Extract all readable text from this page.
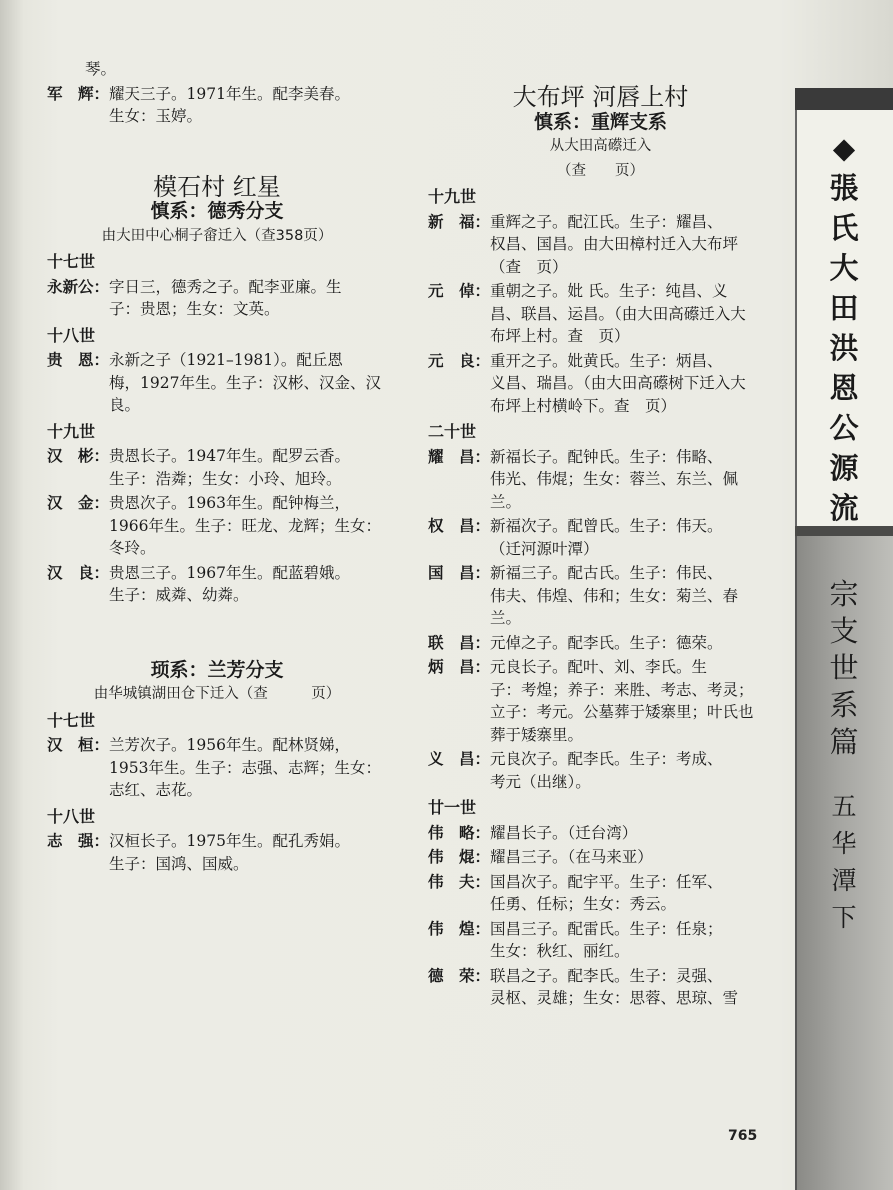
琴。
军　辉： 耀天三子。1971年生。配李美春。
生女：玉婷。
模石村 红星
慎系：德秀分支
由大田中心桐子畲迁入（查358页）
十七世
永新公： 字日三，德秀之子。配李亚廉。生
子：贵恩；生女：文英。
十八世
贵　恩： 永新之子（1921–1981）。配丘恩
梅，1927年生。生子：汉彬、汉金、汉
良。
十九世
汉　彬： 贵恩长子。1947年生。配罗云香。
生子：浩粦；生女：小玲、旭玲。
汉　金： 贵恩次子。1963年生。配钟梅兰，
1966年生。生子：旺龙、龙辉；生女：
冬玲。
汉　良： 贵恩三子。1967年生。配蓝碧娥。
生子：威粦、幼粦。
顼系：兰芳分支
由华城镇湖田仓下迁入（查　　　页）
十七世
汉　桓： 兰芳次子。1956年生。配林贤娣，
1953年生。生子：志强、志辉；生女：
志红、志花。
十八世
志　强： 汉桓长子。1975年生。配孔秀娟。
生子：国鸿、国威。
大布坪 河唇上村
慎系：重辉支系
从大田高礤迁入
（查　　页）
十九世
新　福： 重辉之子。配江氏。生子：耀昌、
权昌、国昌。由大田樟村迁入大布坪
（查　页）
元　倬： 重朝之子。妣 氏。生子：纯昌、义
昌、联昌、运昌。（由大田高礤迁入大
布坪上村。查　页）
元　良： 重开之子。妣黄氏。生子：炳昌、
义昌、瑞昌。（由大田高礤树下迁入大
布坪上村横岭下。查　页）
二十世
耀　昌： 新福长子。配钟氏。生子：伟略、
伟光、伟焜；生女：蓉兰、东兰、佩
兰。
权　昌： 新福次子。配曾氏。生子：伟天。
（迁河源叶潭）
国　昌： 新福三子。配古氏。生子：伟民、
伟夫、伟煌、伟和；生女：菊兰、春
兰。
联　昌： 元倬之子。配李氏。生子：德荣。
炳　昌： 元良长子。配叶、刘、李氏。生
子：考煌；养子：来胜、考志、考灵；
立子：考元。公墓葬于矮寨里；叶氏也
葬于矮寨里。
义　昌： 元良次子。配李氏。生子：考成、
考元（出继）。
廿一世
伟　略： 耀昌长子。（迁台湾）
伟　焜： 耀昌三子。（在马来亚）
伟　夫： 国昌次子。配宇平。生子：任军、
任勇、任标；生女：秀云。
伟　煌： 国昌三子。配雷氏。生子：任泉；
生女：秋红、丽红。
德　荣： 联昌之子。配李氏。生子：灵强、
灵枢、灵雄；生女：思蓉、思琼、雪
◆
張
氏
大
田
洪
恩
公
源
流
宗
支
世
系
篇
五
华
潭
下
765
